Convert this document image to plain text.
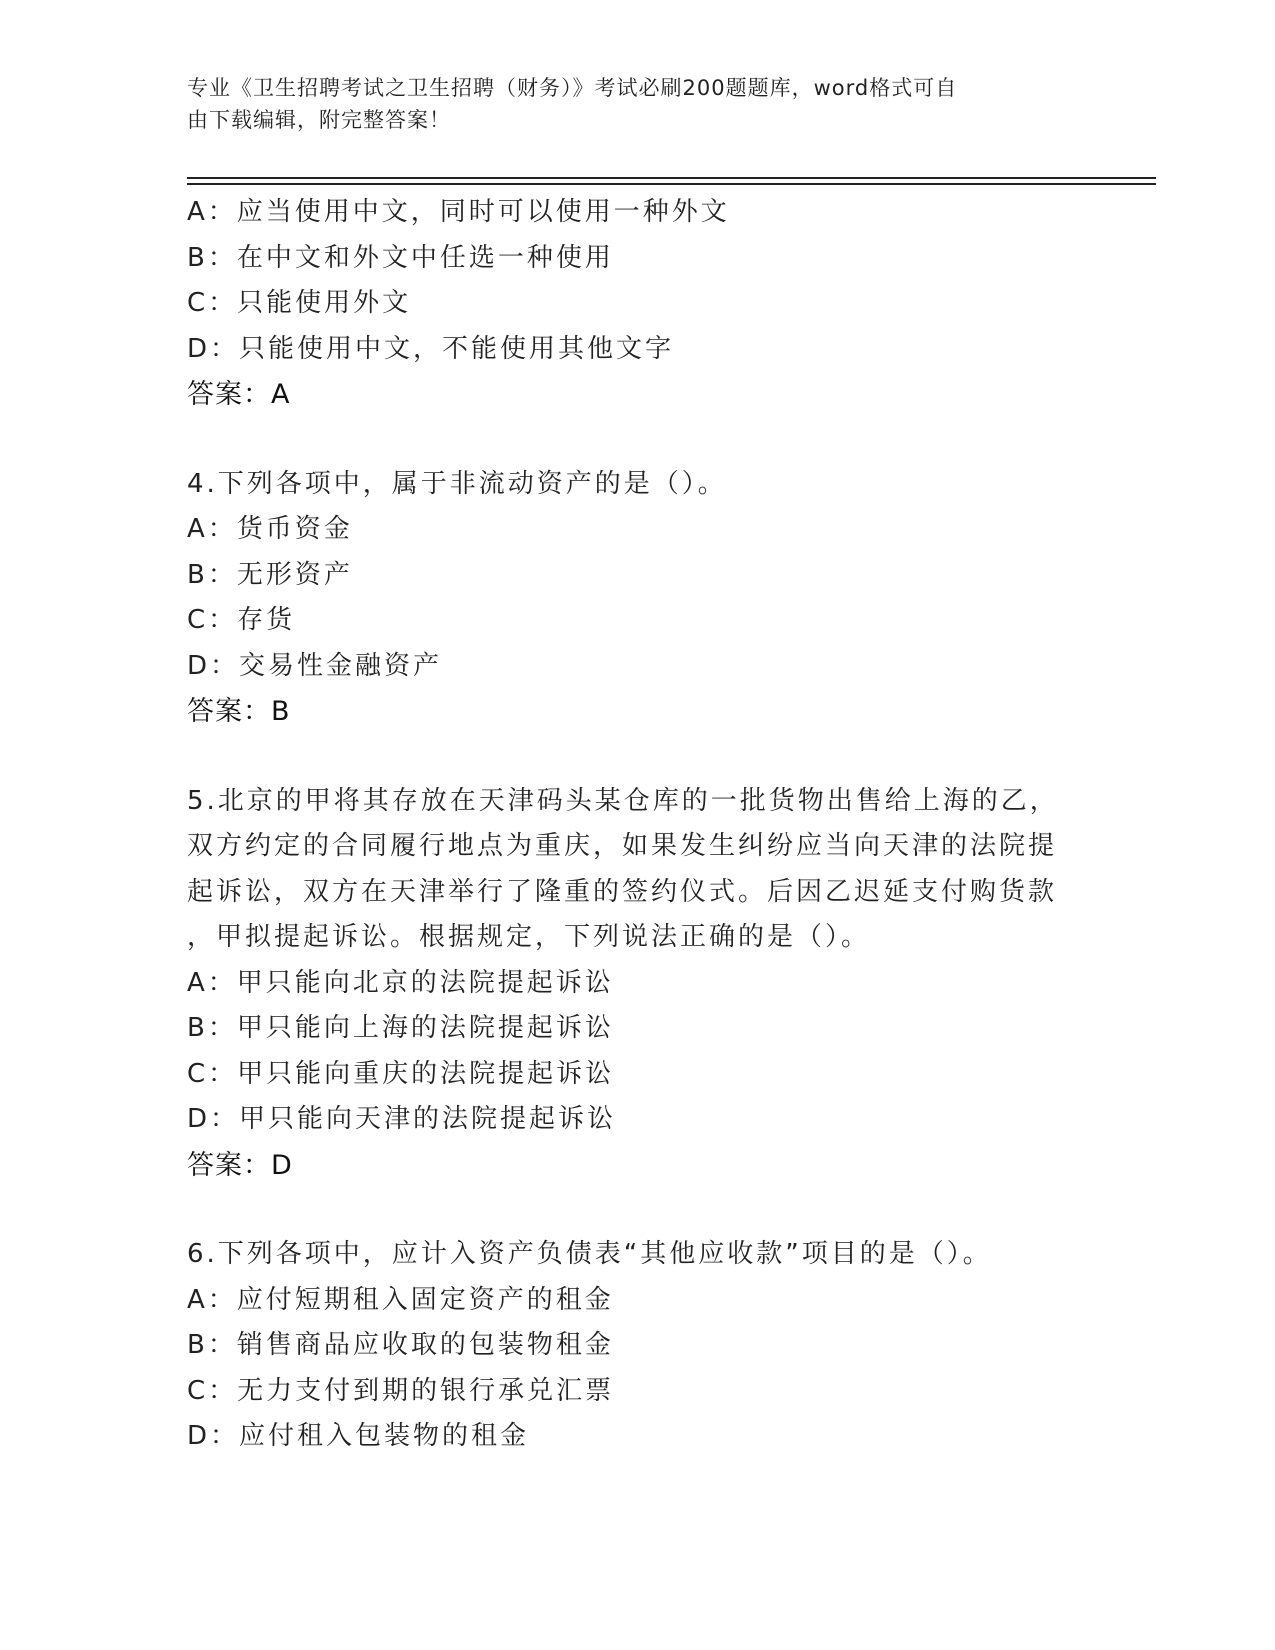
专业《卫生招聘考试之卫生招聘（财务）》考试必刷200题题库，word格式可自
由下载编辑，附完整答案！
A：应当使用中文，同时可以使用一种外文
B：在中文和外文中任选一种使用
C：只能使用外文
D：只能使用中文，不能使用其他文字
答案：A
4.下列各项中，属于非流动资产的是（）。
A：货币资金
B：无形资产
C：存货
D：交易性金融资产
答案：B
5.北京的甲将其存放在天津码头某仓库的一批货物出售给上海的乙，
双方约定的合同履行地点为重庆，如果发生纠纷应当向天津的法院提
起诉讼，双方在天津举行了隆重的签约仪式。后因乙迟延支付购货款
，甲拟提起诉讼。根据规定，下列说法正确的是（）。
A：甲只能向北京的法院提起诉讼
B：甲只能向上海的法院提起诉讼
C：甲只能向重庆的法院提起诉讼
D：甲只能向天津的法院提起诉讼
答案：D
6.下列各项中，应计入资产负债表“其他应收款”项目的是（）。
A：应付短期租入固定资产的租金
B：销售商品应收取的包装物租金
C：无力支付到期的银行承兑汇票
D：应付租入包装物的租金
